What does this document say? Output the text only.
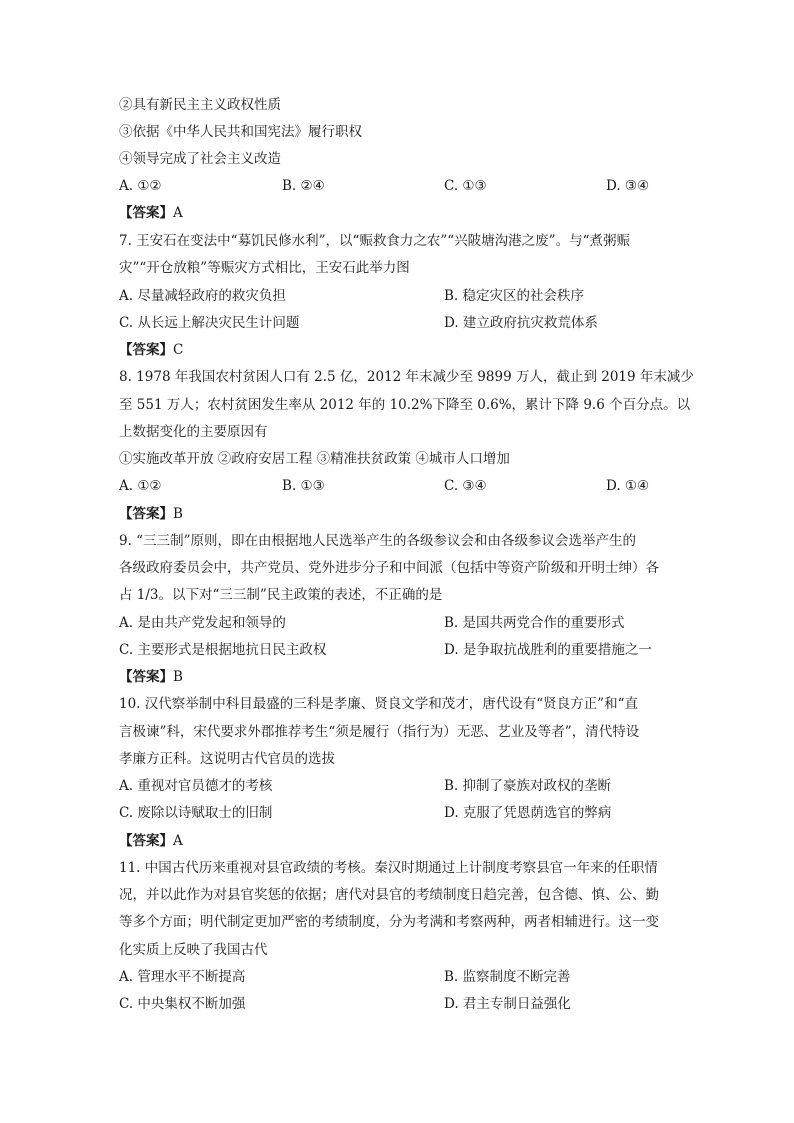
②具有新民主主义政权性质
③依据《中华人民共和国宪法》履行职权
④领导完成了社会主义改造
A. ①②	B. ②④	C. ①③	D. ③④
【答案】A
7. 王安石在变法中“募饥民修水利”，以“赈救食力之农”“兴陂塘沟港之废”。与“煮粥赈
灾”“开仓放粮”等赈灾方式相比，王安石此举力图
A. 尽量减轻政府的救灾负担	B. 稳定灾区的社会秩序
C. 从长远上解决灾民生计问题	D. 建立政府抗灾救荒体系
【答案】C
8. 1978 年我国农村贫困人口有 2.5 亿，2012 年末减少至 9899 万人，截止到 2019 年末减少
至 551 万人；农村贫困发生率从 2012 年的 10.2%下降至 0.6%，累计下降 9.6 个百分点。以
上数据变化的主要原因有
①实施改革开放 ②政府安居工程 ③精准扶贫政策 ④城市人口增加
A. ①②	B. ①③	C. ③④	D. ①④
【答案】B
9. “三三制”原则，即在由根据地人民选举产生的各级参议会和由各级参议会选举产生的
各级政府委员会中，共产党员、党外进步分子和中间派（包括中等资产阶级和开明士绅）各
占 1/3。以下对“三三制”民主政策的表述，不正确的是
A. 是由共产党发起和领导的	B. 是国共两党合作的重要形式
C. 主要形式是根据地抗日民主政权	D. 是争取抗战胜利的重要措施之一
【答案】B
10. 汉代察举制中科目最盛的三科是孝廉、贤良文学和茂才，唐代设有“贤良方正”和“直
言极谏”科，宋代要求外郡推荐考生“须是履行（指行为）无恶、艺业及等者”，清代特设
孝廉方正科。这说明古代官员的选拔
A. 重视对官员德才的考核	B. 抑制了豪族对政权的垄断
C. 废除以诗赋取士的旧制	D. 克服了凭恩荫选官的弊病
【答案】A
11. 中国古代历来重视对县官政绩的考核。秦汉时期通过上计制度考察县官一年来的任职情
况，并以此作为对县官奖惩的依据；唐代对县官的考绩制度日趋完善，包含德、慎、公、勤
等多个方面；明代制定更加严密的考绩制度，分为考满和考察两种，两者相辅进行。这一变
化实质上反映了我国古代
A. 管理水平不断提高	B. 监察制度不断完善
C. 中央集权不断加强	D. 君主专制日益强化
